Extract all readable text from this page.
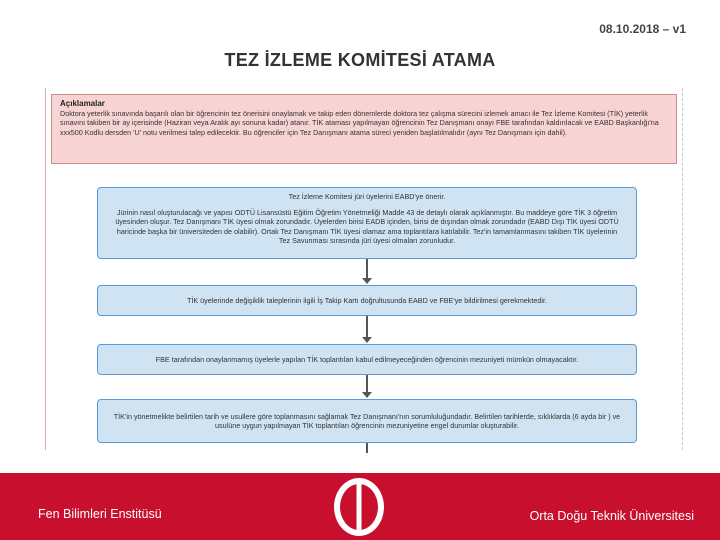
08.10.2018 – v1
TEZ İZLEME KOMİTESİ ATAMA
Açıklamalar
Doktora yeterlik sınavında başarılı olan bir öğrencinin tez önerisini onaylamak ve takip eden dönemlerde doktora tez çalışma sürecini izlemek amacı ile Tez İzleme Komitesi (TİK) yeterlik sınavını takiben bir ay içerisinde (Haziran veya Aralık ayı sonuna kadar) atanır. TİK ataması yapılmayan öğrencinin Tez Danışmanı onayı FBE tarafından kaldırılacak ve EABD Başkanlığı'na xxx500 Kodlu dersden 'U' notu verilmesi talep edilecektir. Bu öğrenciler için Tez Danışmanı atama süreci yeniden başlatılmalıdır (aynı Tez Danışmanı için dahil).
Tez İzleme Komitesi jüri üyelerini EABD'ye önerir.
Jürinin nasıl oluşturulacağı ve yapısı ODTÜ Lisansüstü Eğitim Öğretim Yönetmeliği Madde 43 de detaylı olarak açıklanmıştır. Bu maddeye göre TİK 3 öğretim üyesinden oluşur. Tez Danışmanı TİK üyesi olmak zorundadır. Üyelerden birisi EADB içinden, birisi de dışından olmak zorundadır (EABD Dışı TİK üyesi ODTÜ haricinde başka bir üniversiteden de olabilir). Ortak Tez Danışmanı TİK üyesi olamaz ama toplantılara katılabilir. Tez'in tamamlanmasını takiben TİK üyelerinin Tez Savunması sırasında jüri üyesi olmaları zorunludur.
TİK üyelerinde değişiklik taleplerinin ilgili İş Takip Kartı doğrultusunda EABD ve FBE'ye bildirilmesi gerekmektedir.
FBE tarafından onaylanmamış üyelerle yapılan TİK toplantıları kabul edilmeyeceğinden öğrencinin mezuniyeti mümkün olmayacaktır.
TİK'in yönetmelikte belirtilen tarih ve usullere göre toplanmasını sağlamak Tez Danışmanı'nın sorumluluğundadır. Belirtilen tarihlerde, sıklıklarda (6 ayda bir ) ve usulüne uygun yapılmayan TİK toplantıları öğrencinin mezuniyetine engel durumlar oluşturabilir.
Fen Bilimleri Enstitüsü	Orta Doğu Teknik Üniversitesi
